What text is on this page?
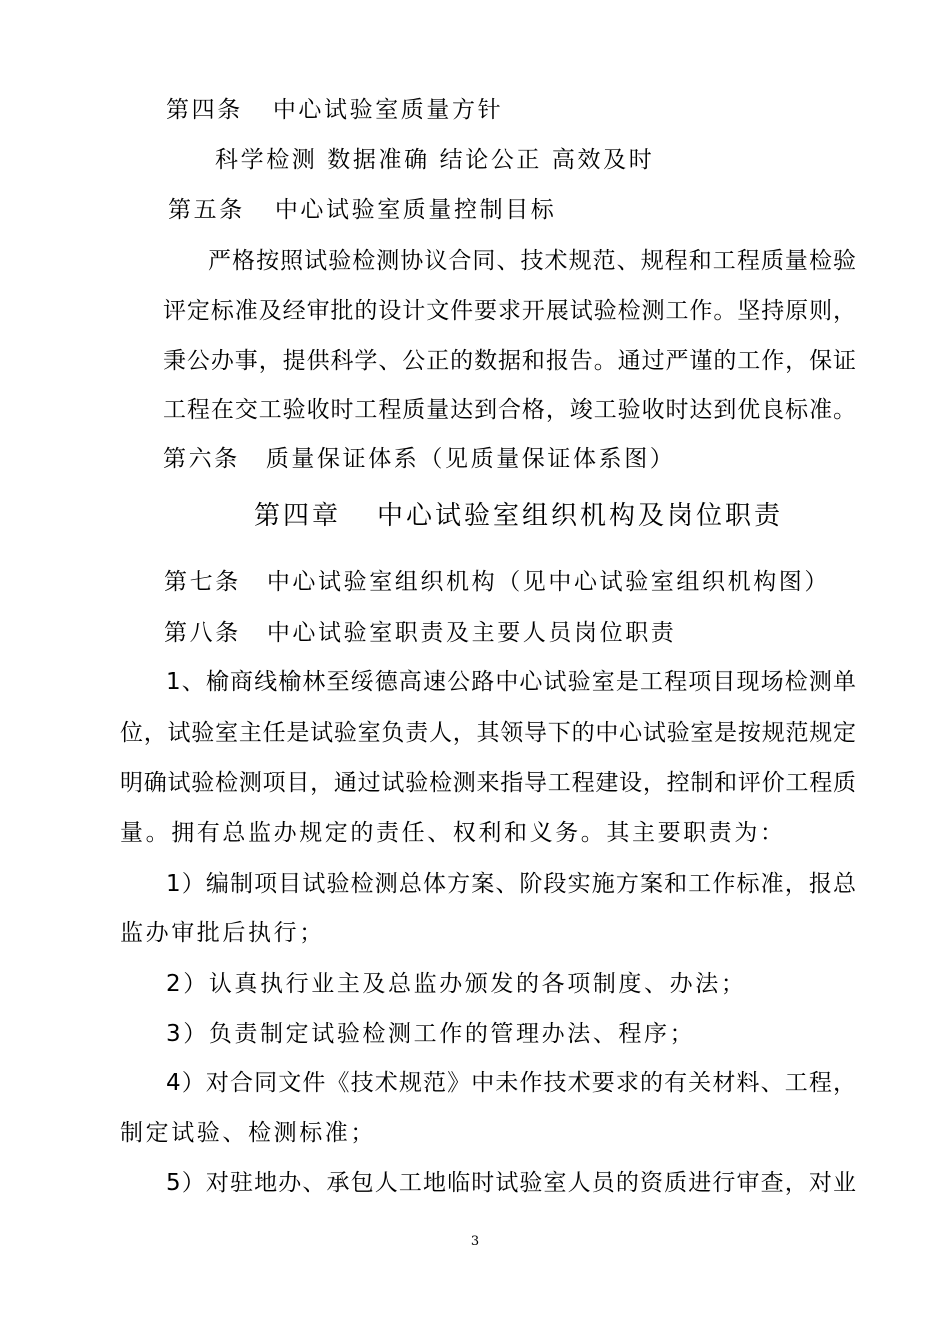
第四条 中心试验室质量方针
科学检测 数据准确 结论公正 高效及时
第五条 中心试验室质量控制目标
严格按照试验检测协议合同、技术规范、规程和工程质量检验
评定标准及经审批的设计文件要求开展试验检测工作。坚持原则，
秉公办事，提供科学、公正的数据和报告。通过严谨的工作，保证
工程在交工验收时工程质量达到合格，竣工验收时达到优良标准。
第六条 质量保证体系（见质量保证体系图）
第四章 中心试验室组织机构及岗位职责
第七条 中心试验室组织机构（见中心试验室组织机构图）
第八条 中心试验室职责及主要人员岗位职责
1、榆商线榆林至绥德高速公路中心试验室是工程项目现场检测单
位，试验室主任是试验室负责人，其领导下的中心试验室是按规范规定
明确试验检测项目，通过试验检测来指导工程建设，控制和评价工程质
量。拥有总监办规定的责任、权利和义务。其主要职责为：
1）编制项目试验检测总体方案、阶段实施方案和工作标准，报总
监办审批后执行；
2）认真执行业主及总监办颁发的各项制度、办法；
3）负责制定试验检测工作的管理办法、程序；
4）对合同文件《技术规范》中未作技术要求的有关材料、工程，
制定试验、检测标准；
5）对驻地办、承包人工地临时试验室人员的资质进行审查，对业
3
